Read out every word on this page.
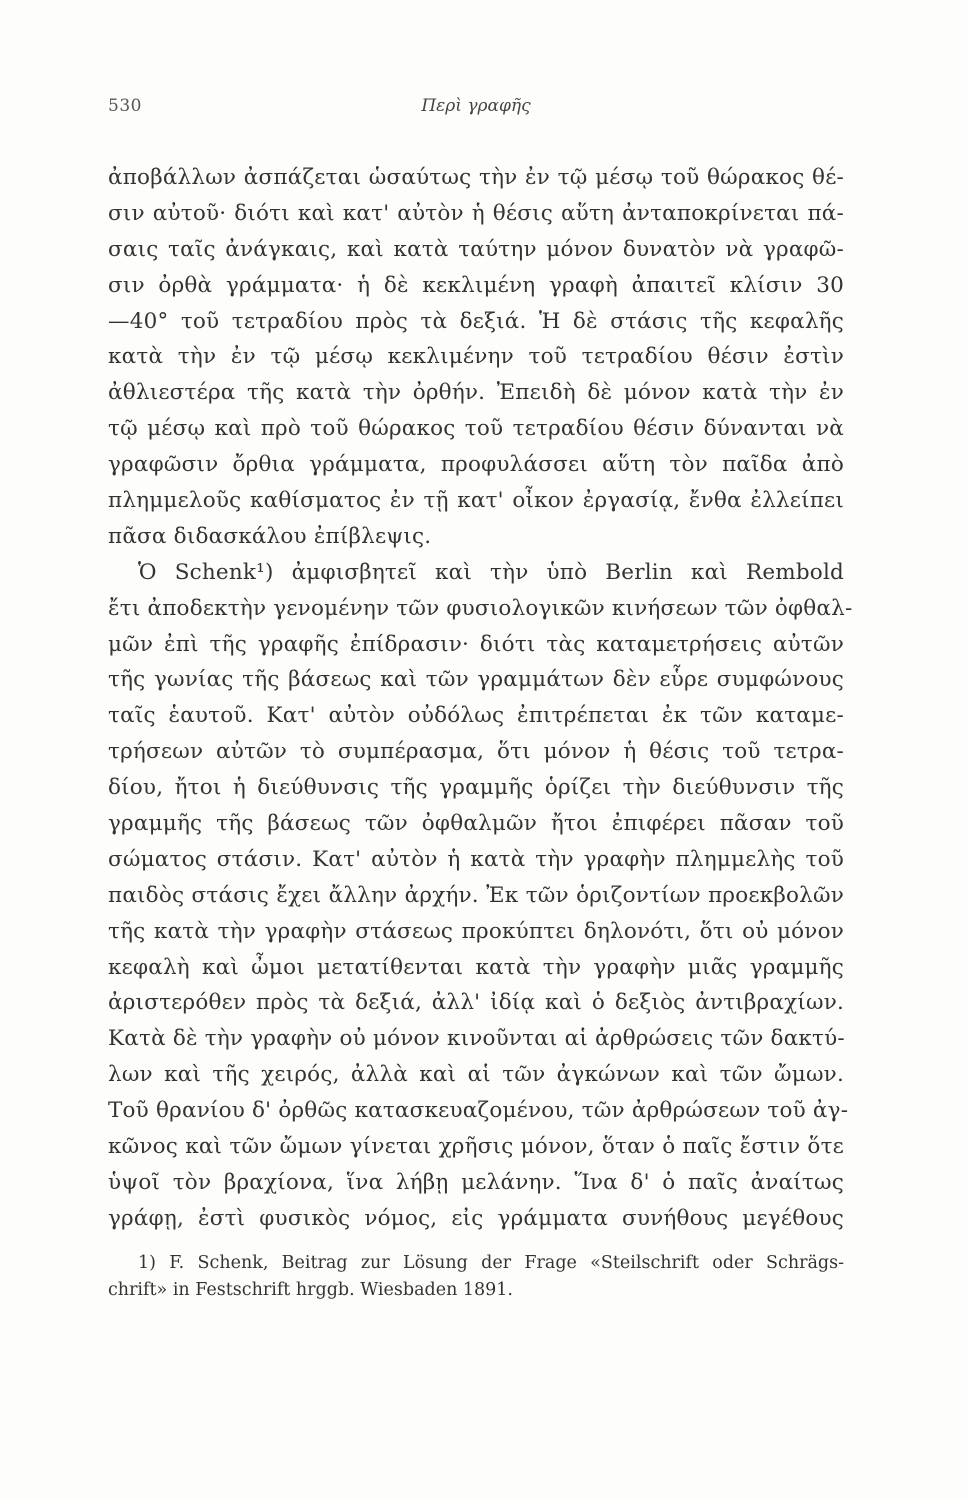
530	Περὶ γραφῆς
ἀποβάλλων ἀσπάζεται ὡσαύτως τὴν ἐν τῷ μέσῳ τοῦ θώρακος θέ-
σιν αὐτοῦ· διότι καὶ κατ' αὐτὸν ἡ θέσις αὕτη ἀνταποκρίνεται πά-
σαις ταῖς ἀνάγκαις, καὶ κατὰ ταύτην μόνον δυνατὸν νὰ γραφῶ-
σιν ὀρθὰ γράμματα· ἡ δὲ κεκλιμένη γραφὴ ἀπαιτεῖ κλίσιν 30
—40° τοῦ τετραδίου πρὸς τὰ δεξιά. Ἡ δὲ στάσις τῆς κεφαλῆς
κατὰ τὴν ἐν τῷ μέσῳ κεκλιμένην τοῦ τετραδίου θέσιν ἐστὶν
ἀθλιεστέρα τῆς κατὰ τὴν ὀρθήν. Ἐπειδὴ δὲ μόνον κατὰ τὴν ἐν
τῷ μέσῳ καὶ πρὸ τοῦ θώρακος τοῦ τετραδίου θέσιν δύνανται νὰ
γραφῶσιν ὄρθια γράμματα, προφυλάσσει αὕτη τὸν παῖδα ἀπὸ
πλημμελοῦς καθίσματος ἐν τῇ κατ' οἶκον ἐργασίᾳ, ἔνθα ἐλλείπει
πᾶσα διδασκάλου ἐπίβλεψις.
Ὁ Schenk¹) ἀμφισβητεῖ καὶ τὴν ὑπὸ Berlin καὶ Rembold
ἔτι ἀποδεκτὴν γενομένην τῶν φυσιολογικῶν κινήσεων τῶν ὀφθαλ-
μῶν ἐπὶ τῆς γραφῆς ἐπίδρασιν· διότι τὰς καταμετρήσεις αὐτῶν
τῆς γωνίας τῆς βάσεως καὶ τῶν γραμμάτων δὲν εὗρε συμφώνους
ταῖς ἑαυτοῦ. Κατ' αὐτὸν οὐδόλως ἐπιτρέπεται ἐκ τῶν καταμε-
τρήσεων αὐτῶν τὸ συμπέρασμα, ὅτι μόνον ἡ θέσις τοῦ τετρα-
δίου, ἤτοι ἡ διεύθυνσις τῆς γραμμῆς ὁρίζει τὴν διεύθυνσιν τῆς
γραμμῆς τῆς βάσεως τῶν ὀφθαλμῶν ἤτοι ἐπιφέρει πᾶσαν τοῦ
σώματος στάσιν. Κατ' αὐτὸν ἡ κατὰ τὴν γραφὴν πλημμελὴς τοῦ
παιδὸς στάσις ἔχει ἄλλην ἀρχήν. Ἐκ τῶν ὁριζοντίων προεκβολῶν
τῆς κατὰ τὴν γραφὴν στάσεως προκύπτει δηλονότι, ὅτι οὐ μόνον
κεφαλὴ καὶ ὦμοι μετατίθενται κατὰ τὴν γραφὴν μιᾶς γραμμῆς
ἀριστερόθεν πρὸς τὰ δεξιά, ἀλλ' ἰδίᾳ καὶ ὁ δεξιὸς ἀντιβραχίων.
Κατὰ δὲ τὴν γραφὴν οὐ μόνον κινοῦνται αἱ ἀρθρώσεις τῶν δακτύ-
λων καὶ τῆς χειρός, ἀλλὰ καὶ αἱ τῶν ἀγκώνων καὶ τῶν ὤμων.
Τοῦ θρανίου δ' ὀρθῶς κατασκευαζομένου, τῶν ἀρθρώσεων τοῦ ἀγ-
κῶνος καὶ τῶν ὤμων γίνεται χρῆσις μόνον, ὅταν ὁ παῖς ἔστιν ὅτε
ὑψοῖ τὸν βραχίονα, ἵνα λήβῃ μελάνην. Ἵνα δ' ὁ παῖς ἀναίτως
γράφῃ, ἐστὶ φυσικὸς νόμος, εἰς γράμματα συνήθους μεγέθους
1) F. Schenk, Beitrag zur Lösung der Frage «Steilschrift oder Schrägs-
chrift» in Festschrift hrggb. Wiesbaden 1891.
